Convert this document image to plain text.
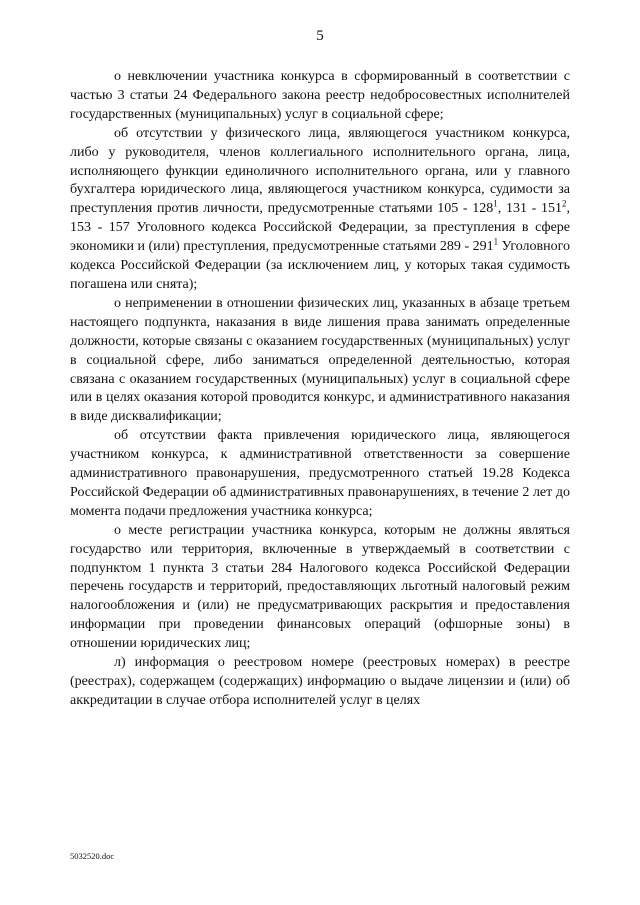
5

о невключении участника конкурса в сформированный в соответствии с частью 3 статьи 24 Федерального закона реестр недобросовестных исполнителей государственных (муниципальных) услуг в социальной сфере;

об отсутствии у физического лица, являющегося участником конкурса, либо у руководителя, членов коллегиального исполнительного органа, лица, исполняющего функции единоличного исполнительного органа, или у главного бухгалтера юридического лица, являющегося участником конкурса, судимости за преступления против личности, предусмотренные статьями $105 - 128^1$, $131 - 151^2$, 153 - 157 Уголовного кодекса Российской Федерации, за преступления в сфере экономики и (или) преступления, предусмотренные статьями $289 - 291^1$ Уголовного кодекса Российской Федерации (за исключением лиц, у которых такая судимость погашена или снята);

о неприменении в отношении физических лиц, указанных в абзаце третьем настоящего подпункта, наказания в виде лишения права занимать определенные должности, которые связаны с оказанием государственных (муниципальных) услуг в социальной сфере, либо заниматься определенной деятельностью, которая связана с оказанием государственных (муниципальных) услуг в социальной сфере или в целях оказания которой проводится конкурс, и административного наказания в виде дисквалификации;

об отсутствии факта привлечения юридического лица, являющегося участником конкурса, к административной ответственности за совершение административного правонарушения, предусмотренного статьей 19.28 Кодекса Российской Федерации об административных правонарушениях, в течение 2 лет до момента подачи предложения участника конкурса;

о месте регистрации участника конкурса, которым не должны являться государство или территория, включенные в утверждаемый в соответствии с подпунктом 1 пункта 3 статьи 284 Налогового кодекса Российской Федерации перечень государств и территорий, предоставляющих льготный налоговый режим налогообложения и (или) не предусматривающих раскрытия и предоставления информации при проведении финансовых операций (офшорные зоны) в отношении юридических лиц;

л) информация о реестровом номере (реестровых номерах) в реестре (реестрах), содержащем (содержащих) информацию о выдаче лицензии и (или) об аккредитации в случае отбора исполнителей услуг в целях

5032520.doc
